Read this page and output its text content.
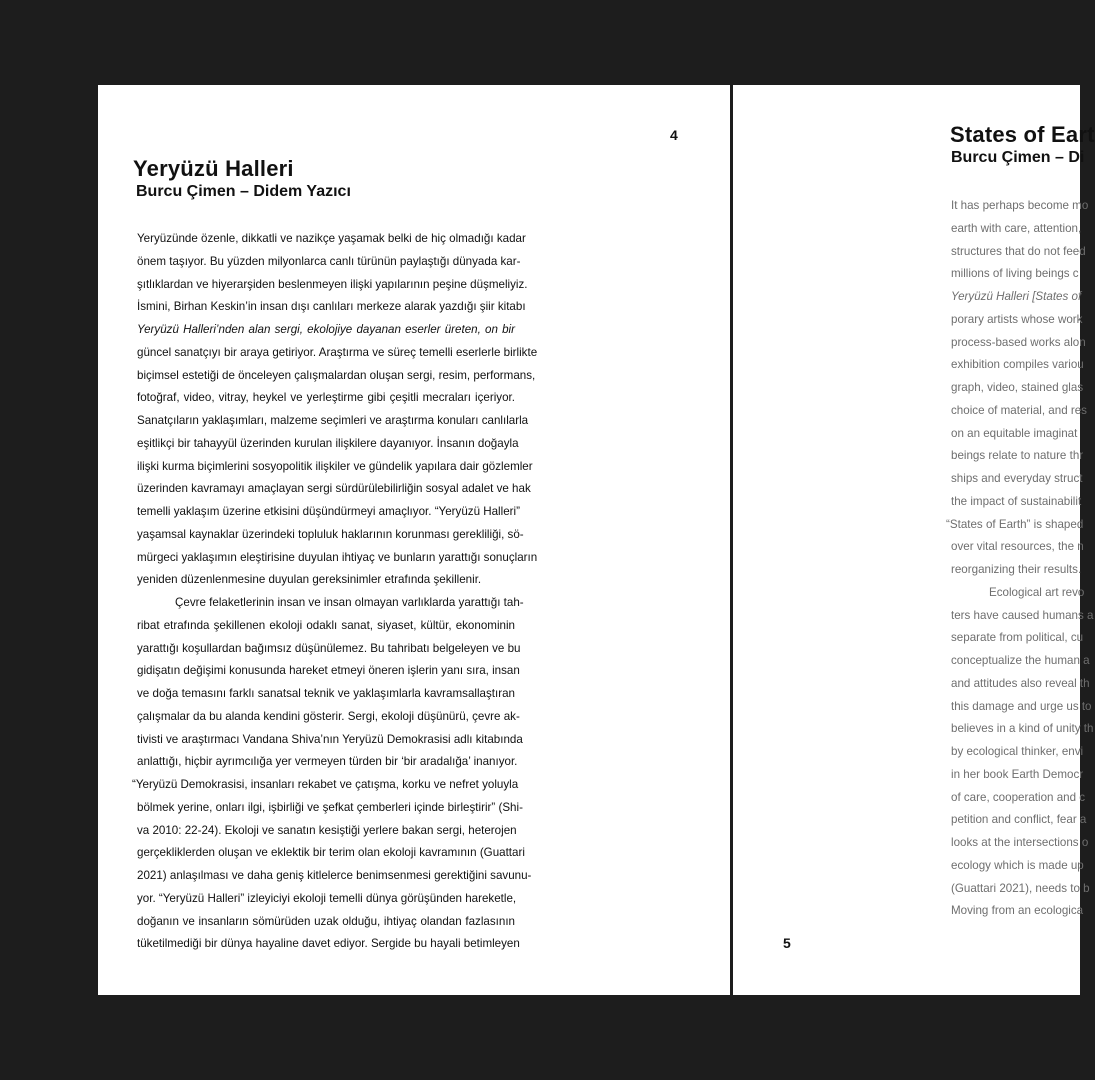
4
Yeryüzü Halleri
Burcu Çimen – Didem Yazıcı
Yeryüzünde özenle, dikkatli ve nazikçe yaşamak belki de hiç olmadığı kadar
önem taşıyor. Bu yüzden milyonlarca canlı türünün paylaştığı dünyada kar-
şıtlıklardan ve hiyerarşiden beslenmeyen ilişki yapılarının peşine düşmeliyiz.
İsmini, Birhan Keskin’in insan dışı canlıları merkeze alarak yazdığı şiir kitabı
Yeryüzü Halleri’nden alan sergi, ekolojiye dayanan eserler üreten, on bir
güncel sanatçıyı bir araya getiriyor. Araştırma ve süreç temelli eserlerle birlikte
biçimsel estetiği de önceleyen çalışmalardan oluşan sergi, resim, performans,
fotoğraf, video, vitray, heykel ve yerleştirme gibi çeşitli mecraları içeriyor.
Sanatçıların yaklaşımları, malzeme seçimleri ve araştırma konuları canlılarla
eşitlikçi bir tahayyül üzerinden kurulan ilişkilere dayanıyor. İnsanın doğayla
ilişki kurma biçimlerini sosyopolitik ilişkiler ve gündelik yapılara dair gözlemler
üzerinden kavramayı amaçlayan sergi sürdürülebilirliğin sosyal adalet ve hak
temelli yaklaşım üzerine etkisini düşündürmeyi amaçlıyor. “Yeryüzü Halleri”
yaşamsal kaynaklar üzerindeki topluluk haklarının korunması gerekliliği, sö-
mürgeci yaklaşımın eleştirisine duyulan ihtiyaç ve bunların yarattığı sonuçların
yeniden düzenlenmesine duyulan gereksinimler etrafında şekillenir.
Çevre felaketlerinin insan ve insan olmayan varlıklarda yarattığı tah-
ribat etrafında şekillenen ekoloji odaklı sanat, siyaset, kültür, ekonominin
yarattığı koşullardan bağımsız düşünülemez. Bu tahribatı belgeleyen ve bu
gidişatın değişimi konusunda hareket etmeyi öneren işlerin yanı sıra, insan
ve doğa temasını farklı sanatsal teknik ve yaklaşımlarla kavramsallaştıran
çalışmalar da bu alanda kendini gösterir. Sergi, ekoloji düşünürü, çevre ak-
tivisti ve araştırmacı Vandana Shiva’nın Yeryüzü Demokrasisi adlı kitabında
anlattığı, hiçbir ayrımcılığa yer vermeyen türden bir ‘bir aradalığa’ inanıyor.
“Yeryüzü Demokrasisi, insanları rekabet ve çatışma, korku ve nefret yoluyla
bölmek yerine, onları ilgi, işbirliği ve şefkat çemberleri içinde birleştirir” (Shi-
va 2010: 22-24). Ekoloji ve sanatın kesiştiği yerlere bakan sergi, heterojen
gerçekliklerden oluşan ve eklektik bir terim olan ekoloji kavramının (Guattari
2021) anlaşılması ve daha geniş kitlelerce benimsenmesi gerektiğini savunu-
yor. “Yeryüzü Halleri” izleyiciyi ekoloji temelli dünya görüşünden hareketle,
doğanın ve insanların sömürüden uzak olduğu, ihtiyaç olandan fazlasının
tüketilmediği bir dünya hayaline davet ediyor. Sergide bu hayali betimleyen	5
States of Eart
Burcu Çimen – Di
It has perhaps become mo
earth with care, attention,
structures that do not feed
millions of living beings c
Yeryüzü Halleri [States of
porary artists whose work
process-based works alon
exhibition compiles variou
graph, video, stained glas
choice of material, and res
on an equitable imaginat
beings relate to nature thr
ships and everyday struct
the impact of sustainabilit
“States of Earth” is shaped
over vital resources, the n
reorganizing their results.
Ecological art revo
ters have caused humans a
separate from political, cu
conceptualize the human a
and attitudes also reveal th
this damage and urge us to
believes in a kind of unity th
by ecological thinker, envi
in her book Earth Democr
of care, cooperation and c
petition and conflict, fear a
looks at the intersections o
ecology which is made up
(Guattari 2021), needs to b
Moving from an ecologica
